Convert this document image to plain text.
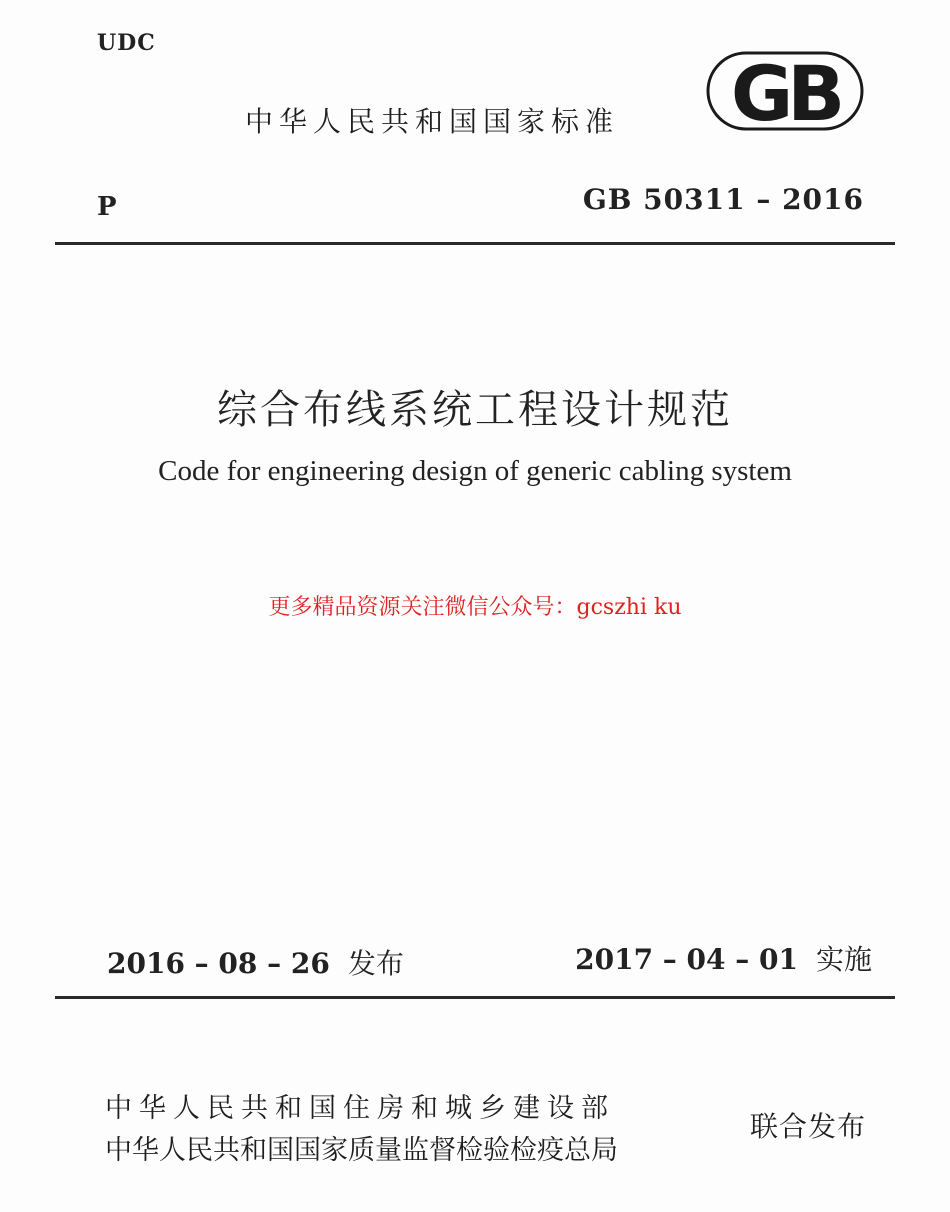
UDC
中华人民共和国国家标准 GB
P	GB 50311 – 2016
综合布线系统工程设计规范
Code for engineering design of generic cabling system
更多精品资源关注微信公众号：gcszhi ku
2016 – 08 – 26 发布	2017 – 04 – 01 实施
中华人民共和国住房和城乡建设部
中华人民共和国国家质量监督检验检疫总局
联合发布
